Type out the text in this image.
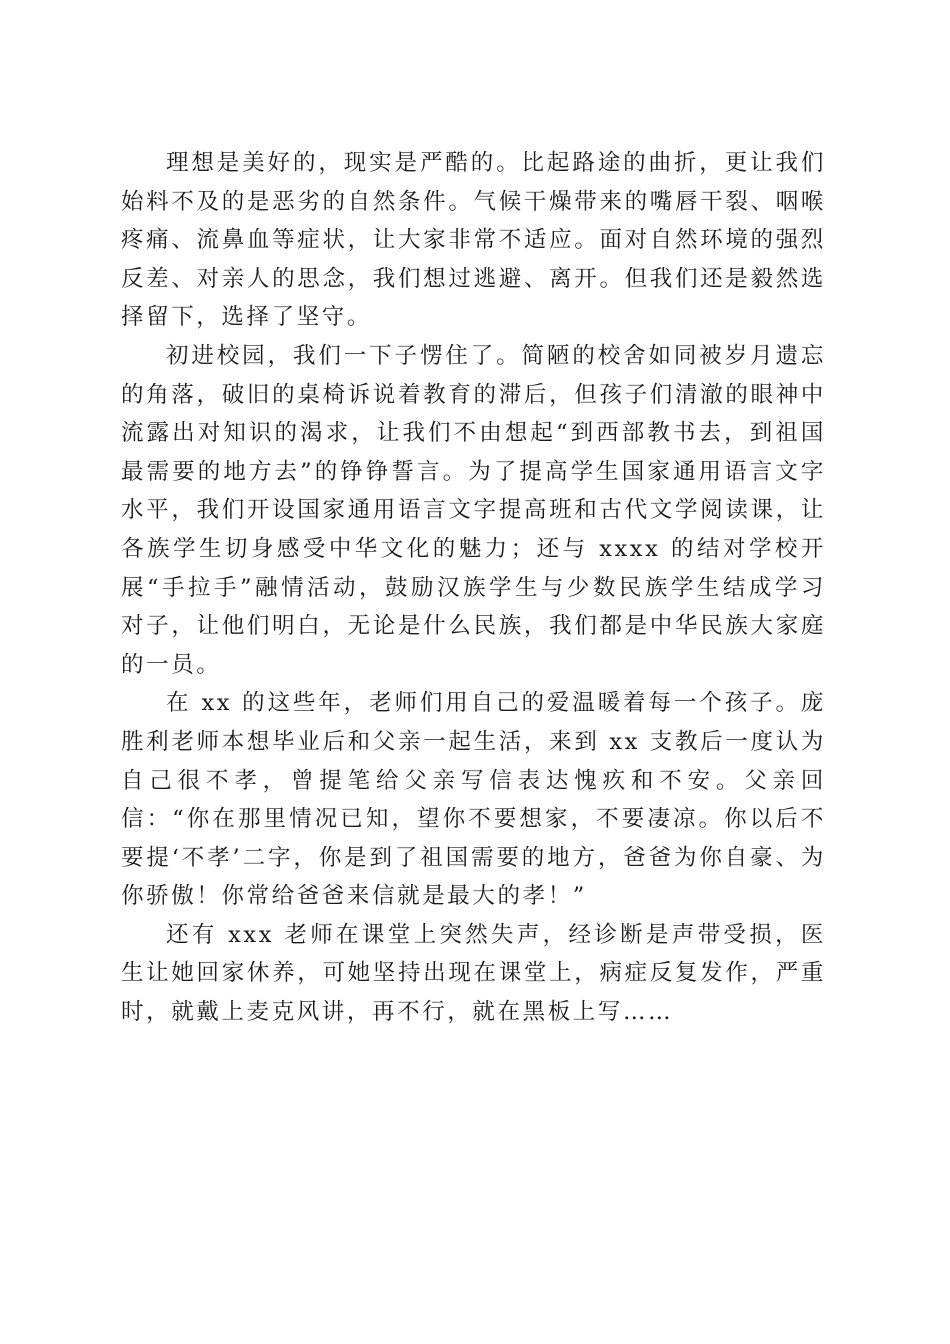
理想是美好的，现实是严酷的。比起路途的曲折，更让我们始料不及的是恶劣的自然条件。气候干燥带来的嘴唇干裂、咽喉疼痛、流鼻血等症状，让大家非常不适应。面对自然环境的强烈反差、对亲人的思念，我们想过逃避、离开。但我们还是毅然选择留下，选择了坚守。

初进校园，我们一下子愣住了。简陋的校舍如同被岁月遗忘的角落，破旧的桌椅诉说着教育的滞后，但孩子们清澈的眼神中流露出对知识的渴求，让我们不由想起“到西部教书去，到祖国最需要的地方去”的铮铮誓言。为了提高学生国家通用语言文字水平，我们开设国家通用语言文字提高班和古代文学阅读课，让各族学生切身感受中华文化的魅力；还与 xxxx 的结对学校开展“手拉手”融情活动，鼓励汉族学生与少数民族学生结成学习对子，让他们明白，无论是什么民族，我们都是中华民族大家庭的一员。

在 xx 的这些年，老师们用自己的爱温暖着每一个孩子。庞胜利老师本想毕业后和父亲一起生活，来到 xx 支教后一度认为自己很不孝，曾提笔给父亲写信表达愧疚和不安。父亲回信：“你在那里情况已知，望你不要想家，不要凄凉。你以后不要提‘不孝’二字，你是到了祖国需要的地方，爸爸为你自豪、为你骄傲！你常给爸爸来信就是最大的孝！”

还有 xxx 老师在课堂上突然失声，经诊断是声带受损，医生让她回家休养，可她坚持出现在课堂上，病症反复发作，严重时，就戴上麦克风讲，再不行，就在黑板上写……
